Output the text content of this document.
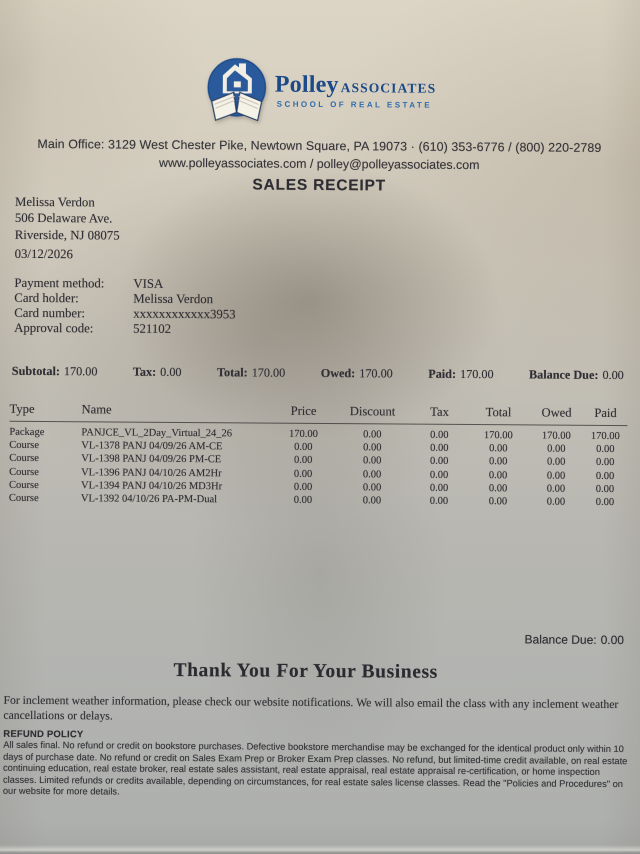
Polley ASSOCIATES
SCHOOL OF REAL ESTATE
Main Office: 3129 West Chester Pike, Newtown Square, PA 19073 · (610) 353-6776 / (800) 220-2789
www.polleyassociates.com / polley@polleyassociates.com
SALES RECEIPT
Melissa Verdon
506 Delaware Ave.
Riverside, NJ 08075
03/12/2026
Payment method:	VISA
Card holder:	Melissa Verdon
Card number:	xxxxxxxxxxxx3953
Approval code:	521102
Subtotal: 170.00	Tax: 0.00	Total: 170.00	Owed: 170.00	Paid: 170.00	Balance Due: 0.00
Type	Name	Price	Discount	Tax	Total	Owed	Paid
Package	PANJCE_VL_2Day_Virtual_24_26	170.00	0.00	0.00	170.00	170.00	170.00
Course	VL-1378 PANJ 04/09/26 AM-CE	0.00	0.00	0.00	0.00	0.00	0.00
Course	VL-1398 PANJ 04/09/26 PM-CE	0.00	0.00	0.00	0.00	0.00	0.00
Course	VL-1396 PANJ 04/10/26 AM2Hr	0.00	0.00	0.00	0.00	0.00	0.00
Course	VL-1394 PANJ 04/10/26 MD3Hr	0.00	0.00	0.00	0.00	0.00	0.00
Course	VL-1392 04/10/26 PA-PM-Dual	0.00	0.00	0.00	0.00	0.00	0.00
Balance Due: 0.00
Thank You For Your Business
For inclement weather information, please check our website notifications. We will also email the class with any inclement weather cancellations or delays.
REFUND POLICY
All sales final. No refund or credit on bookstore purchases. Defective bookstore merchandise may be exchanged for the identical product only within 10 days of purchase date. No refund or credit on Sales Exam Prep or Broker Exam Prep classes. No refund, but limited-time credit available, on real estate continuing education, real estate broker, real estate sales assistant, real estate appraisal, real estate appraisal re-certification, or home inspection classes. Limited refunds or credits available, depending on circumstances, for real estate sales license classes. Read the "Policies and Procedures" on our website for more details.
